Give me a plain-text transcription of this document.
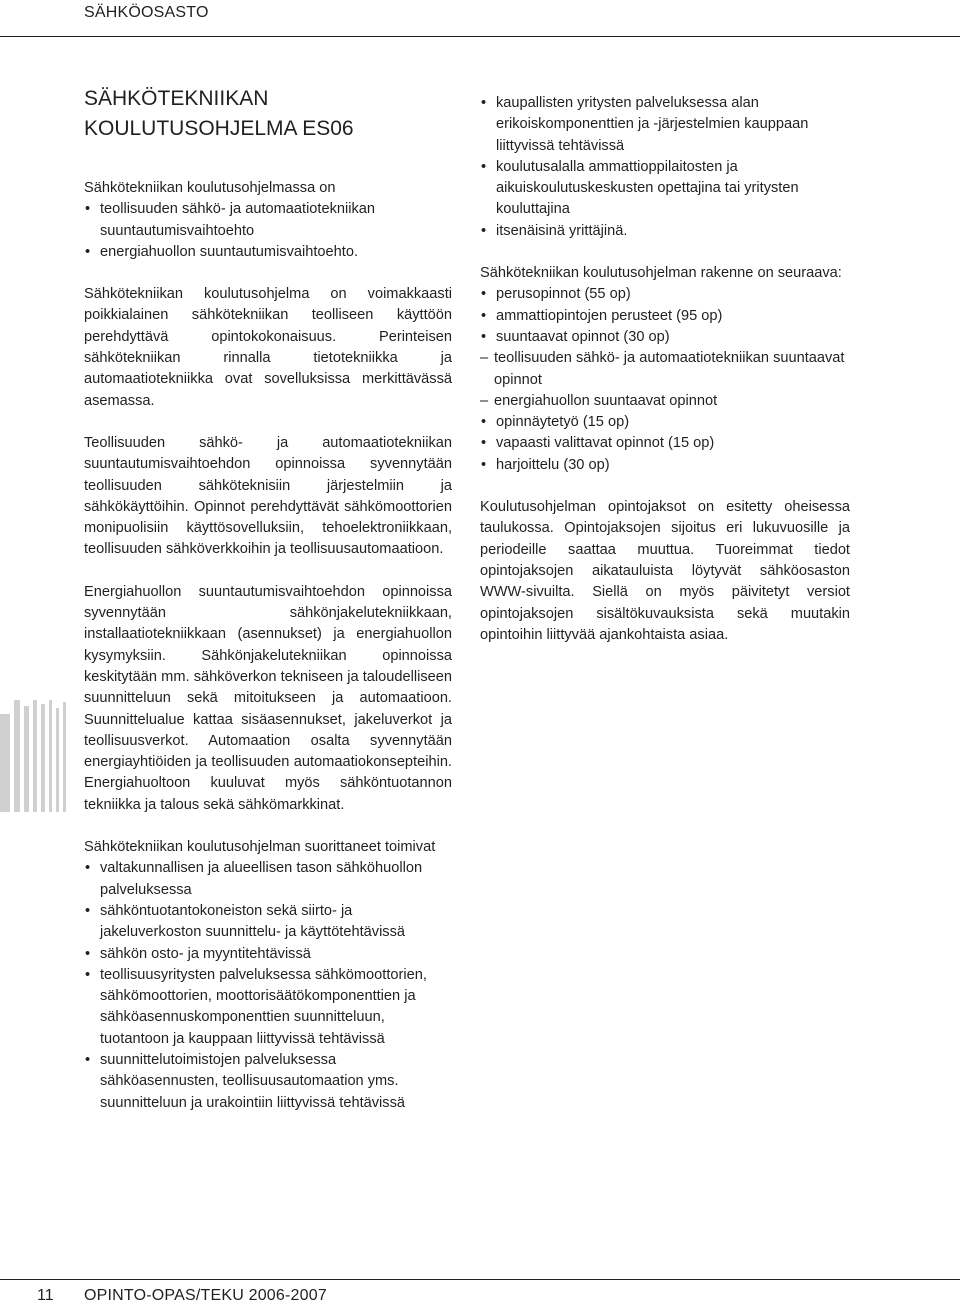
SÄHKÖOSASTO
SÄHKÖTEKNIIKAN
KOULUTUSOHJELMA ES06

Sähkötekniikan koulutusohjelmassa on

• teollisuuden sähkö- ja automaatiotekniikan suuntautumisvaihtoehto
• energiahuollon suuntautumisvaihtoehto.

Sähkötekniikan koulutusohjelma on voimakkaasti poikkialainen sähkötekniikan teolliseen käyttöön perehdyttävä opintokokonaisuus. Perinteisen sähkötekniikan rinnalla tietotekniikka ja automaatiotekniikka ovat sovelluksissa merkittävässä asemassa.

Teollisuuden sähkö- ja automaatiotekniikan suuntautumisvaihtoehdon opinnoissa syvennytään teollisuuden sähköteknisiin järjestelmiin ja sähkökäyttöihin. Opinnot perehdyttävät sähkömoottorien monipuolisiin käyttösovelluksiin, tehoelektroniikkaan, teollisuuden sähköverkkoihin ja teollisuusautomaatioon.

Energiahuollon suuntautumisvaihtoehdon opinnoissa syvennytään sähkönjakelutekniikkaan, installaatiotekniikkaan (asennukset) ja energiahuollon kysymyksiin. Sähkönjakelutekniikan opinnoissa keskitytään mm. sähköverkon tekniseen ja taloudelliseen suunnitteluun sekä mitoitukseen ja automaatioon. Suunnittelualue kattaa sisäasennukset, jakeluverkot ja teollisuusverkot. Automaation osalta syvennytään energiayhtiöiden ja teollisuuden automaatiokonsepteihin. Energiahuoltoon kuuluvat myös sähköntuotannon tekniikka ja talous sekä sähkömarkkinat.

Sähkötekniikan koulutusohjelman suorittaneet toimivat

• valtakunnallisen ja alueellisen tason sähköhuollon palveluksessa
• sähköntuotantokoneiston sekä siirto- ja jakeluverkoston suunnittelu- ja käyttötehtävissä
• sähkön osto- ja myyntitehtävissä
• teollisuusyritysten palveluksessa sähkömoottorien, sähkömoottorien, moottorisäätökomponenttien ja sähköasennuskomponenttien suunnitteluun, tuotantoon ja kauppaan liittyvissä tehtävissä
• suunnittelutoimistojen palveluksessa sähköasennusten, teollisuusautomaation yms. suunnitteluun ja urakointiin liittyvissä tehtävissä
• kaupallisten yritysten palveluksessa alan erikoiskomponenttien ja -järjestelmien kauppaan liittyvissä tehtävissä
• koulutusalalla ammattioppilaitosten ja aikuiskoulutuskeskusten opettajina tai yritysten kouluttajina
• itsenäisinä yrittäjinä.

Sähkötekniikan koulutusohjelman rakenne on seuraava:

• perusopinnot (55 op)
• ammattiopintojen perusteet (95 op)
• suuntaavat opinnot (30 op)
– teollisuuden sähkö- ja automaatiotekniikan suuntaavat opinnot
– energiahuollon suuntaavat opinnot
• opinnäytetyö (15 op)
• vapaasti valittavat opinnot (15 op)
• harjoittelu (30 op)

Koulutusohjelman opintojaksot on esitetty oheisessa taulukossa. Opintojaksojen sijoitus eri lukuvuosille ja periodeille saattaa muuttua. Tuoreimmat tiedot opintojaksojen aikatauluista löytyvät sähköosaston WWW-sivuilta. Siellä on myös päivitetyt versiot opintojaksojen sisältökuvauksista sekä muutakin opintoihin liittyvää ajankohtaista asiaa.

11 OPINTO-OPAS/TEKU 2006-2007
